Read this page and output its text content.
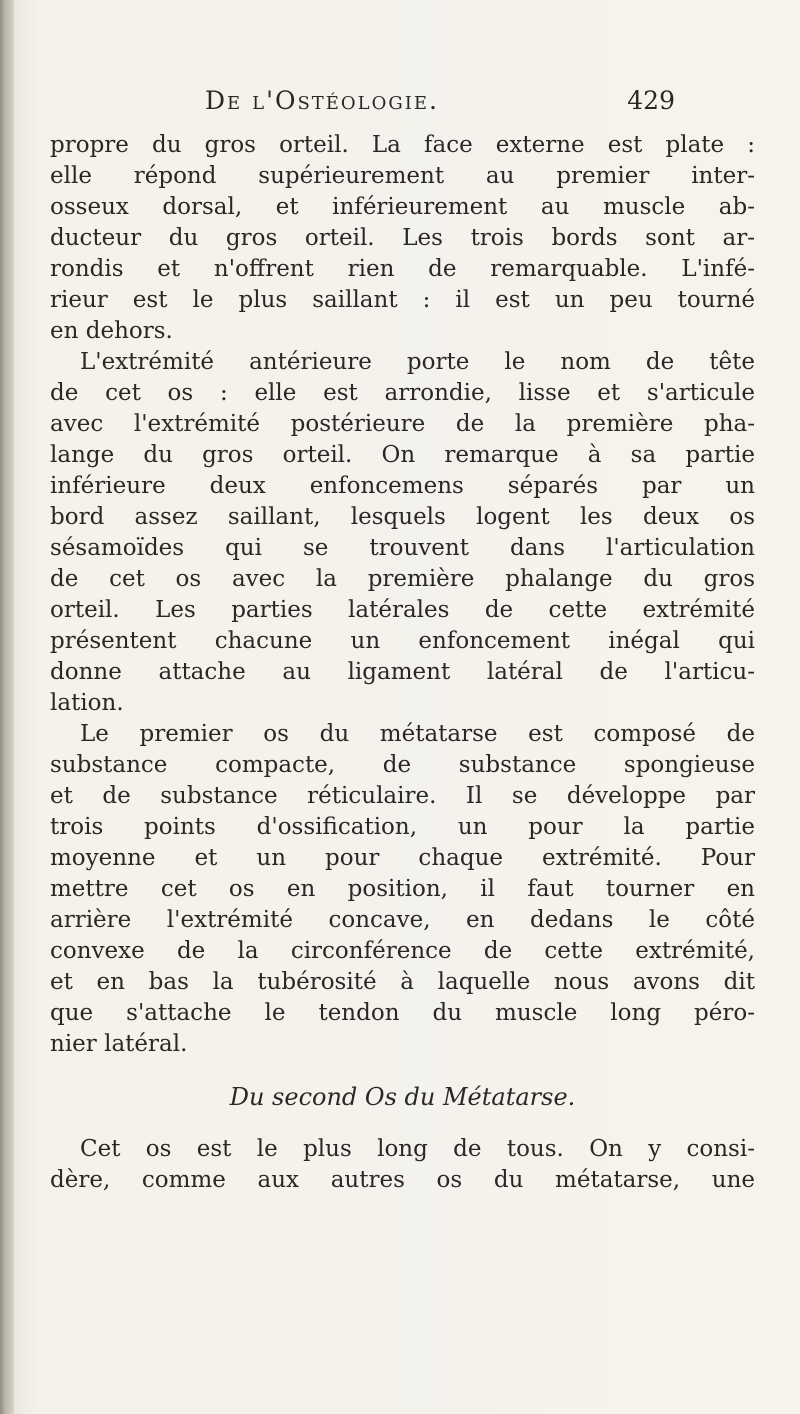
De l'Ostéologie.	429
propre du gros orteil. La face externe est plate :
elle répond supérieurement au premier inter-
osseux dorsal, et inférieurement au muscle ab-
ducteur du gros orteil. Les trois bords sont ar-
rondis et n'offrent rien de remarquable. L'infé-
rieur est le plus saillant : il est un peu tourné
en dehors.
L'extrémité antérieure porte le nom de tête
de cet os : elle est arrondie, lisse et s'articule
avec l'extrémité postérieure de la première pha-
lange du gros orteil. On remarque à sa partie
inférieure deux enfoncemens séparés par un
bord assez saillant, lesquels logent les deux os
sésamoïdes qui se trouvent dans l'articulation
de cet os avec la première phalange du gros
orteil. Les parties latérales de cette extrémité
présentent chacune un enfoncement inégal qui
donne attache au ligament latéral de l'articu-
lation.
Le premier os du métatarse est composé de
substance compacte, de substance spongieuse
et de substance réticulaire. Il se développe par
trois points d'ossification, un pour la partie
moyenne et un pour chaque extrémité. Pour
mettre cet os en position, il faut tourner en
arrière l'extrémité concave, en dedans le côté
convexe de la circonférence de cette extrémité,
et en bas la tubérosité à laquelle nous avons dit
que s'attache le tendon du muscle long péro-
nier latéral.
Du second Os du Métatarse.
Cet os est le plus long de tous. On y consi-
dère, comme aux autres os du métatarse, une
